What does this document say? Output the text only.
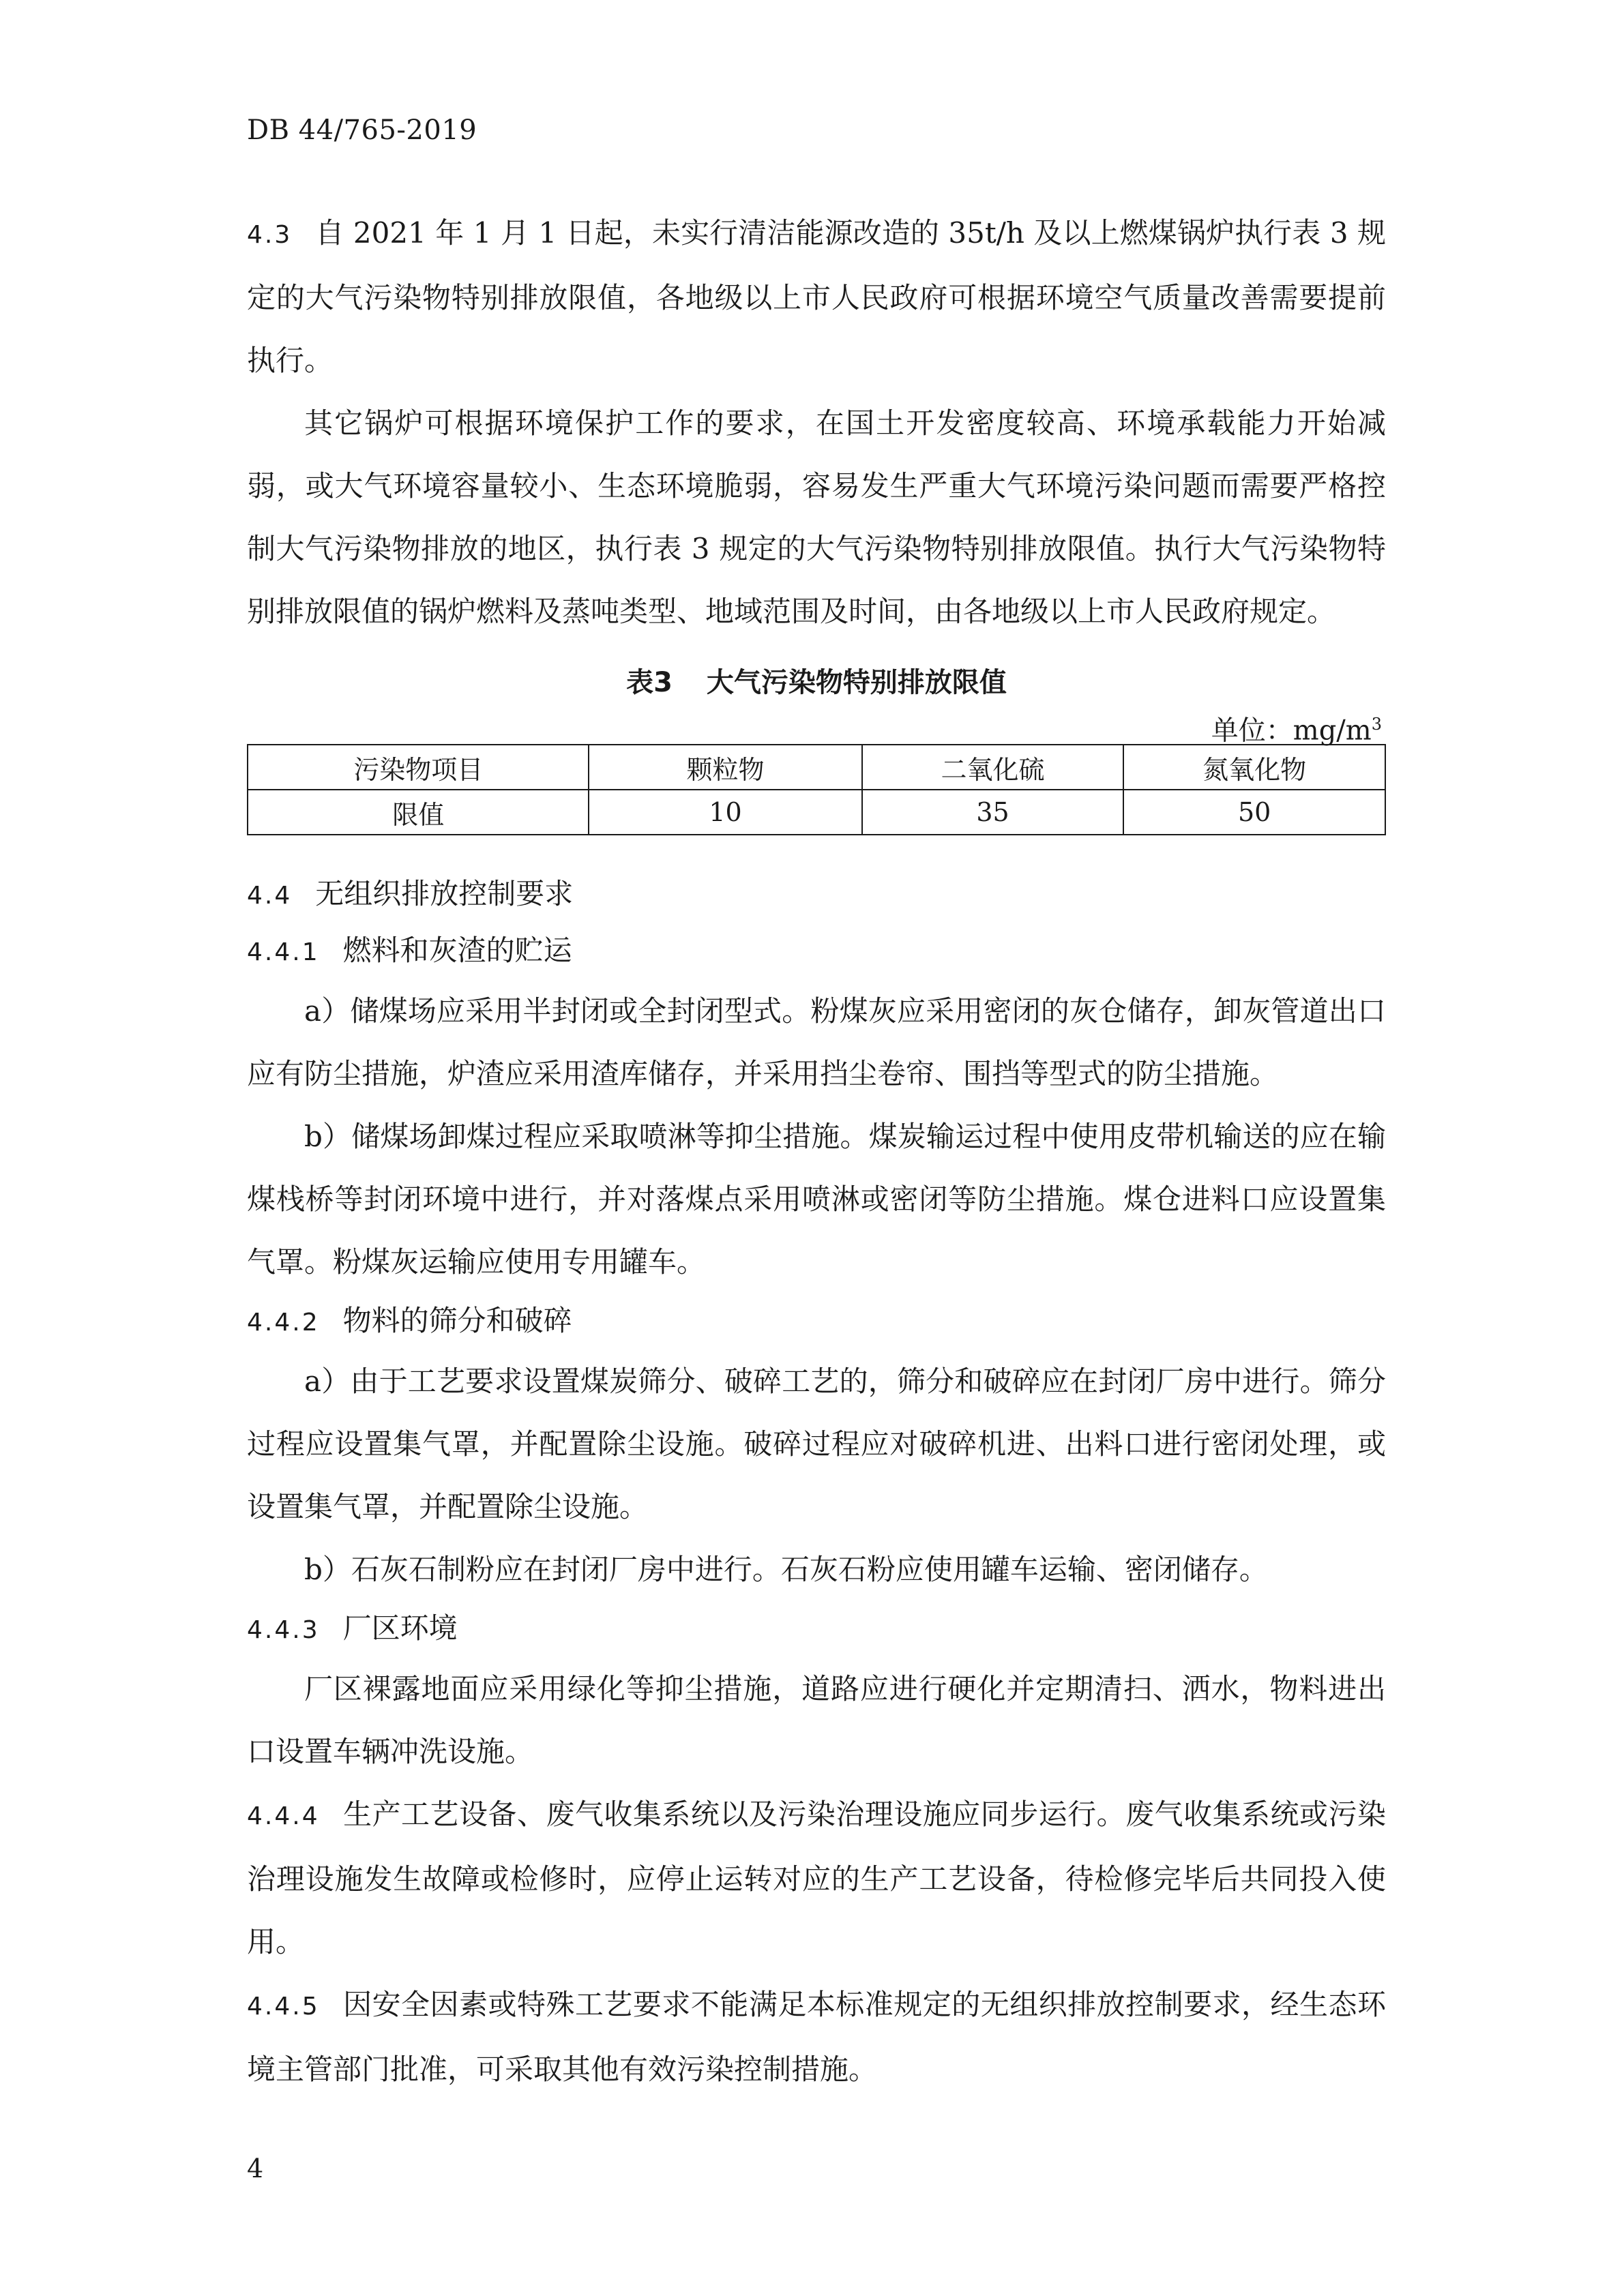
DB 44/765-2019

4.3 自 2021 年 1 月 1 日起，未实行清洁能源改造的 35t/h 及以上燃煤锅炉执行表 3 规定的大气污染物特别排放限值，各地级以上市人民政府可根据环境空气质量改善需要提前执行。

其它锅炉可根据环境保护工作的要求，在国土开发密度较高、环境承载能力开始减弱，或大气环境容量较小、生态环境脆弱，容易发生严重大气环境污染问题而需要严格控制大气污染物排放的地区，执行表 3 规定的大气污染物特别排放限值。执行大气污染物特别排放限值的锅炉燃料及蒸吨类型、地域范围及时间，由各地级以上市人民政府规定。

表3 大气污染物特别排放限值
单位：$mg/m^3$
污染物项目	颗粒物	二氧化硫	氮氧化物
限值	10	35	50

4.4 无组织排放控制要求

4.4.1 燃料和灰渣的贮运

a）储煤场应采用半封闭或全封闭型式。粉煤灰应采用密闭的灰仓储存，卸灰管道出口应有防尘措施，炉渣应采用渣库储存，并采用挡尘卷帘、围挡等型式的防尘措施。

b）储煤场卸煤过程应采取喷淋等抑尘措施。煤炭输运过程中使用皮带机输送的应在输煤栈桥等封闭环境中进行，并对落煤点采用喷淋或密闭等防尘措施。煤仓进料口应设置集气罩。粉煤灰运输应使用专用罐车。

4.4.2 物料的筛分和破碎

a）由于工艺要求设置煤炭筛分、破碎工艺的，筛分和破碎应在封闭厂房中进行。筛分过程应设置集气罩，并配置除尘设施。破碎过程应对破碎机进、出料口进行密闭处理，或设置集气罩，并配置除尘设施。

b）石灰石制粉应在封闭厂房中进行。石灰石粉应使用罐车运输、密闭储存。

4.4.3 厂区环境

厂区裸露地面应采用绿化等抑尘措施，道路应进行硬化并定期清扫、洒水，物料进出口设置车辆冲洗设施。

4.4.4 生产工艺设备、废气收集系统以及污染治理设施应同步运行。废气收集系统或污染治理设施发生故障或检修时，应停止运转对应的生产工艺设备，待检修完毕后共同投入使用。

4.4.5 因安全因素或特殊工艺要求不能满足本标准规定的无组织排放控制要求，经生态环境主管部门批准，可采取其他有效污染控制措施。

4
